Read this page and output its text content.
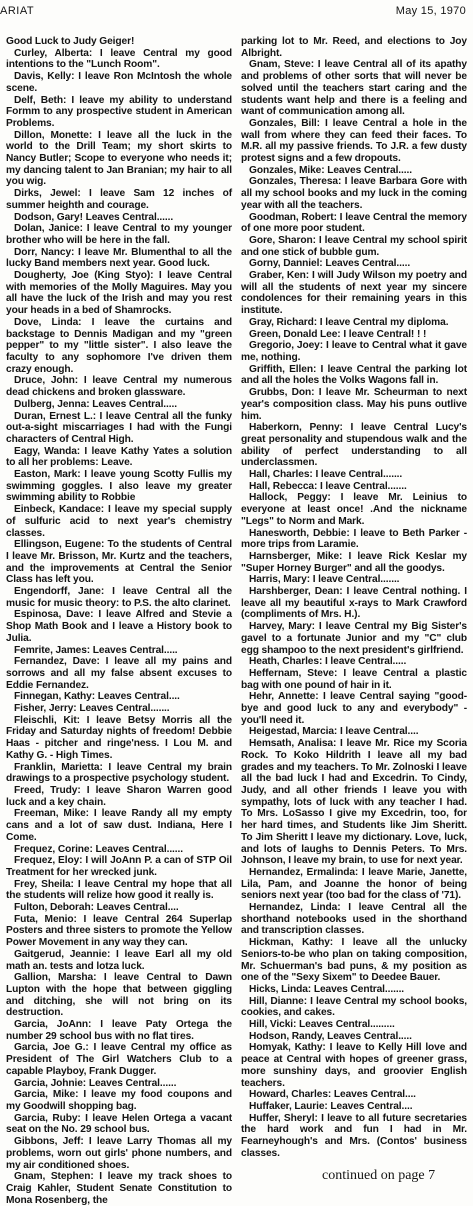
ARIAT	May 15, 1970

Good Luck to Judy Geiger!

Curley, Alberta: I leave Central my good intentions to the "Lunch Room".

Davis, Kelly: I leave Ron McIntosh the whole scene.

Delf, Beth: I leave my ability to understand Formm to any prospective student in American Problems.

Dillon, Monette: I leave all the luck in the world to the Drill Team; my short skirts to Nancy Butler; Scope to everyone who needs it; my dancing talent to Jan Branian; my hair to all you wig.

Dirks, Jewel: I leave Sam 12 inches of summer heighth and courage.

Dodson, Gary! Leaves Central......

Dolan, Janice: I leave Central to my younger brother who will be here in the fall.

Dorr, Nancy: I leave Mr. Blumenthal to all the lucky Band members next year. Good luck.

Dougherty, Joe (King Styo): I leave Central with memories of the Molly Maguires. May you all have the luck of the Irish and may you rest your heads in a bed of Shamrocks.

Dove, Linda: I leave the curtains and backstage to Dennis Madigan and my "green pepper" to my "little sister". I also leave the faculty to any sophomore I've driven them crazy enough.

Druce, John: I leave Central my numerous dead chickens and broken glassware.

Dulberg, Jenna: Leaves Central.....

Duran, Ernest L.: I leave Central all the funky out-a-sight miscarriages I had with the Fungi characters of Central High.

Eagy, Wanda: I leave Kathy Yates a solution to all her problems: Leave.

Easton, Mark: I leave young Scotty Fullis my swimming goggles. I also leave my greater swimming ability to Robbie

Einbeck, Kandace: I leave my special supply of sulfuric acid to next year's chemistry classes.

Ellingson, Eugene: To the students of Central I leave Mr. Brisson, Mr. Kurtz and the teachers, and the improvements at Central the Senior Class has left you.

Engendorff, Jane: I leave Central all the music for music theory: to P.S. the alto clarinet.

Espinosa, Dave: I leave Alfred and Stevie a Shop Math Book and I leave a History book to Julia.

Femrite, James: Leaves Central.....

Fernandez, Dave: I leave all my pains and sorrows and all my false absent excuses to Eddie Fernandez.

Finnegan, Kathy: Leaves Central....

Fisher, Jerry: Leaves Central.......

Fleischli, Kit: I leave Betsy Morris all the Friday and Saturday nights of freedom! Debbie Haas - pitcher and ringe'ness. I Lou M. and Kathy G. - High Times.

Franklin, Marietta: I leave Central my brain drawings to a prospective psychology student.

Freed, Trudy: I leave Sharon Warren good luck and a key chain.

Freeman, Mike: I leave Randy all my empty cans and a lot of saw dust. Indiana, Here I Come.

Frequez, Corine: Leaves Central......

Frequez, Eloy: I will JoAnn P. a can of STP Oil Treatment for her wrecked junk.

Frey, Sheila: I leave Central my hope that all the students will relize how good it really is.

Fulton, Deborah: Leaves Central....

Futa, Menio: I leave Central 264 Superlap Posters and three sisters to promote the Yellow Power Movement in any way they can.

Gaitgerud, Jeannie: I leave Earl all my old math an. tests and lotza luck.

Gallion, Marsha: I leave Central to Dawn Lupton with the hope that between giggling and ditching, she will not bring on its destruction.

Garcia, JoAnn: I leave Paty Ortega the number 29 school bus with no flat tires.

Garcia, Joe G.: I leave Central my office as President of The Girl Watchers Club to a capable Playboy, Frank Dugger.

Garcia, Johnie: Leaves Central......

Garcia, Mike: I leave my food coupons and my Goodwill shopping bag.

Garcia, Ruby: I leave Helen Ortega a vacant seat on the No. 29 school bus.

Gibbons, Jeff: I leave Larry Thomas all my problems, worn out girls' phone numbers, and my air conditioned shoes.

Gnam, Stephen: I leave my track shoes to Craig Kahler, Student Senate Constitution to Mona Rosenberg, the

parking lot to Mr. Reed, and elections to Joy Albright.

Gnam, Steve: I leave Central all of its apathy and problems of other sorts that will never be solved until the teachers start caring and the students want help and there is a feeling and want of communication among all.

Gonzales, Bill: I leave Central a hole in the wall from where they can feed their faces. To M.R. all my passive friends. To J.R. a few dusty protest signs and a few dropouts.

Gonzales, Mike: Leaves Central.....

Gonzales, Theresa: I leave Barbara Gore with all my school books and my luck in the coming year with all the teachers.

Goodman, Robert: I leave Central the memory of one more poor student.

Gore, Sharon: I leave Central my school spirit and one stick of bubble gum.

Gorny, Danniel: Leaves Central.....

Graber, Ken: I will Judy Wilson my poetry and will all the students of next year my sincere condolences for their remaining years in this institute.

Gray, Richard: I leave Central my diploma.

Green, Donald Lee: I leave Central! ! !

Gregorio, Joey: I leave to Central what it gave me, nothing.

Griffith, Ellen: I leave Central the parking lot and all the holes the Volks Wagons fall in.

Grubbs, Don: I leave Mr. Scheurman to next year's composition class. May his puns outlive him.

Haberkorn, Penny: I leave Central Lucy's great personality and stupendous walk and the ability of perfect understanding to all underclassmen.

Hall, Charles: I leave Central.......

Hall, Rebecca: I leave Central.......

Hallock, Peggy: I leave Mr. Leinius to everyone at least once! .And the nickname "Legs" to Norm and Mark.

Hanesworth, Debbie: I leave to Beth Parker - more trips from Laramie.

Harnsberger, Mike: I leave Rick Keslar my "Super Horney Burger" and all the goodys.

Harris, Mary: I leave Central.......

Harshberger, Dean: I leave Central nothing. I leave all my beautiful x-rays to Mark Crawford (compliments of Mrs. H.).

Harvey, Mary: I leave Central my Big Sister's gavel to a fortunate Junior and my "C" club egg shampoo to the next president's girlfriend.

Heath, Charles: I leave Central.....

Heffernam, Steve: I leave Central a plastic bag with one pound of hair in it.

Hehr, Annette: I leave Central saying "good-bye and good luck to any and everybody" - you'll need it.

Heigestad, Marcia: I leave Central....

Hemsath, Analisa: I leave Mr. Rice my Scoria Rock. To Koko Hildrith I leave all my bad grades and my teachers. To Mr. Zolnoski I leave all the bad luck I had and Excedrin. To Cindy, Judy, and all other friends I leave you with sympathy, lots of luck with any teacher I had. To Mrs. LoSasso I give my Excedrin, too, for her hard times, and Students like Jim Sheritt. To Jim Sheritt I leave my dictionary. Love, luck, and lots of laughs to Dennis Peters. To Mrs. Johnson, I leave my brain, to use for next year.

Hernandez, Ermalinda: I leave Marie, Janette, Lila, Pam, and Joanne the honor of being seniors next year (too bad for the class of '71).

Hernandez, Linda: I leave Central all the shorthand notebooks used in the shorthand and transcription classes.

Hickman, Kathy: I leave all the unlucky Seniors-to-be who plan on taking composition, Mr. Schuerman's bad puns, & my position as one of the "Sexy Sixem" to Deedee Bauer.

Hicks, Linda: Leaves Central.......

Hill, Dianne: I leave Central my school books, cookies, and cakes.

Hill, Vicki: Leaves Central.........

Hodson, Randy, Leaves Central.....

Homyak, Kathy: I leave to Kelly Hill love and peace at Central with hopes of greener grass, more sunshiny days, and groovier English teachers.

Howard, Charles: Leaves Central....

Huffaker, Laurie: Leaves Central....

Huffer, Sheryl: I leave to all future secretaries the hard work and fun I had in Mr. Fearneyhough's and Mrs. (Contos' business classes.

continued on page 7
